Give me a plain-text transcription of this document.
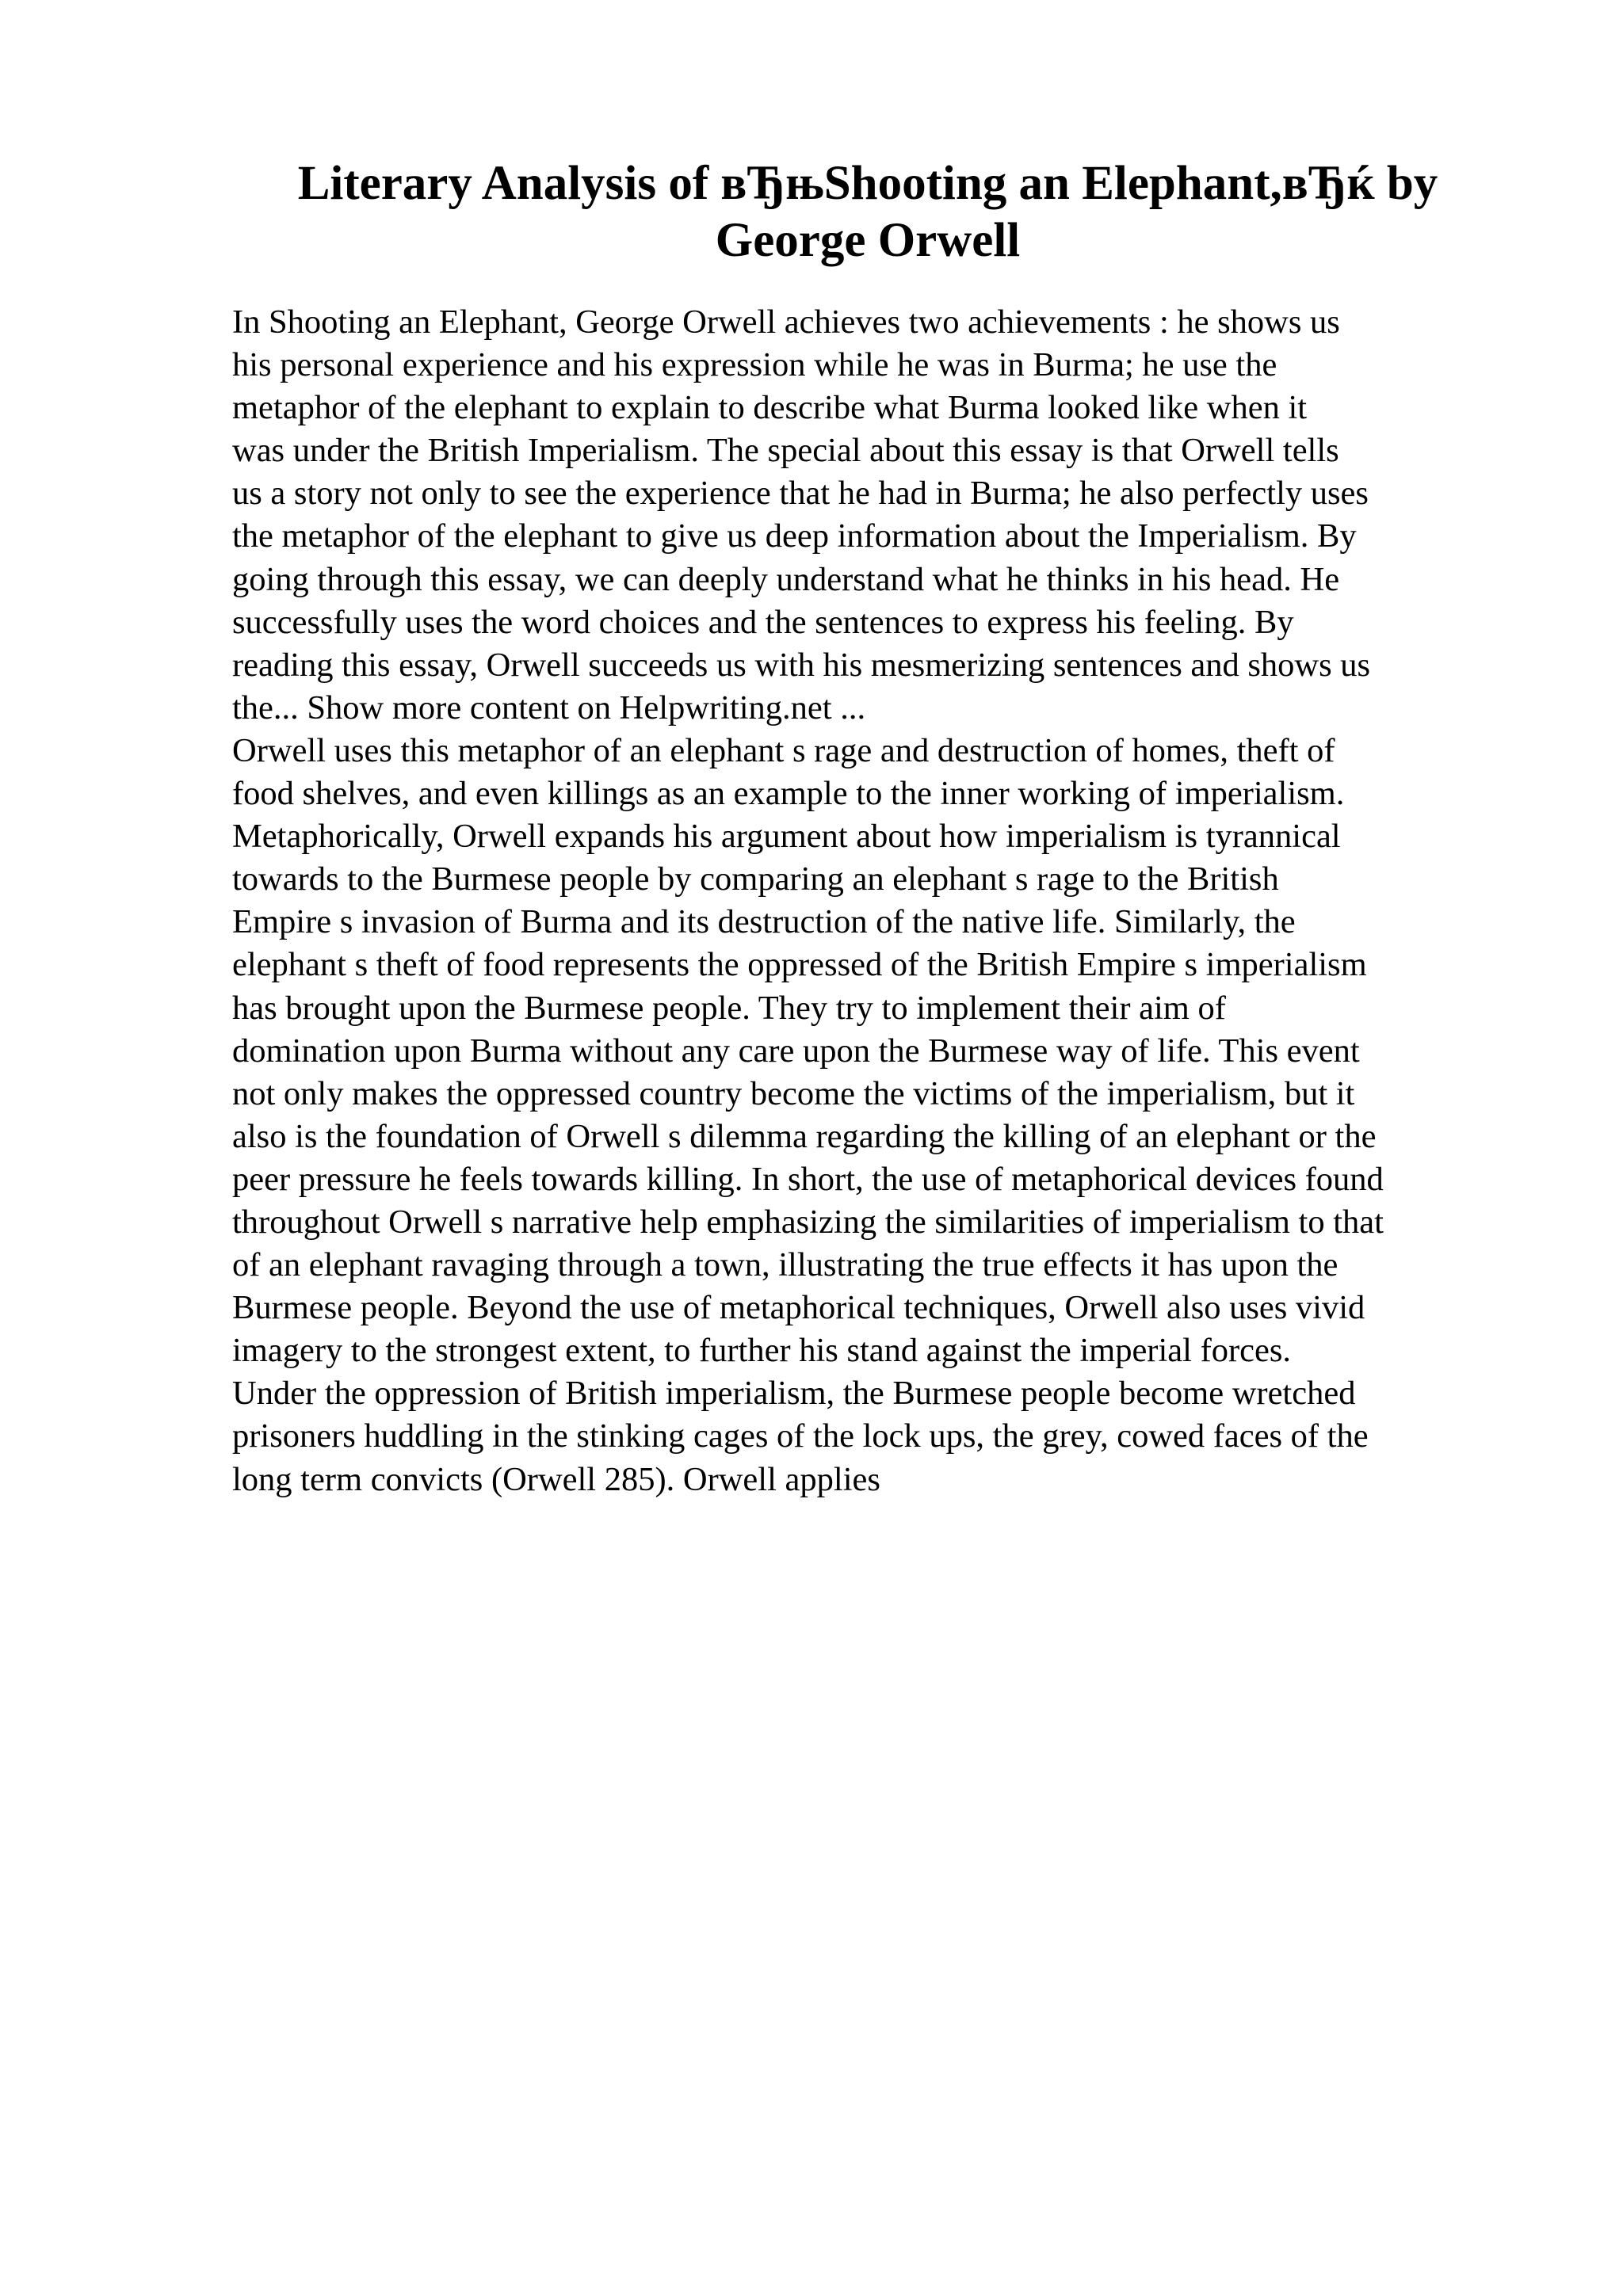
Literary Analysis of вЂњShooting an Elephant,вЂќ by
George Orwell
In Shooting an Elephant, George Orwell achieves two achievements : he shows us
his personal experience and his expression while he was in Burma; he use the
metaphor of the elephant to explain to describe what Burma looked like when it
was under the British Imperialism. The special about this essay is that Orwell tells
us a story not only to see the experience that he had in Burma; he also perfectly uses
the metaphor of the elephant to give us deep information about the Imperialism. By
going through this essay, we can deeply understand what he thinks in his head. He
successfully uses the word choices and the sentences to express his feeling. By
reading this essay, Orwell succeeds us with his mesmerizing sentences and shows us
the... Show more content on Helpwriting.net ...
Orwell uses this metaphor of an elephant s rage and destruction of homes, theft of
food shelves, and even killings as an example to the inner working of imperialism.
Metaphorically, Orwell expands his argument about how imperialism is tyrannical
towards to the Burmese people by comparing an elephant s rage to the British
Empire s invasion of Burma and its destruction of the native life. Similarly, the
elephant s theft of food represents the oppressed of the British Empire s imperialism
has brought upon the Burmese people. They try to implement their aim of
domination upon Burma without any care upon the Burmese way of life. This event
not only makes the oppressed country become the victims of the imperialism, but it
also is the foundation of Orwell s dilemma regarding the killing of an elephant or the
peer pressure he feels towards killing. In short, the use of metaphorical devices found
throughout Orwell s narrative help emphasizing the similarities of imperialism to that
of an elephant ravaging through a town, illustrating the true effects it has upon the
Burmese people. Beyond the use of metaphorical techniques, Orwell also uses vivid
imagery to the strongest extent, to further his stand against the imperial forces.
Under the oppression of British imperialism, the Burmese people become wretched
prisoners huddling in the stinking cages of the lock ups, the grey, cowed faces of the
long term convicts (Orwell 285). Orwell applies
